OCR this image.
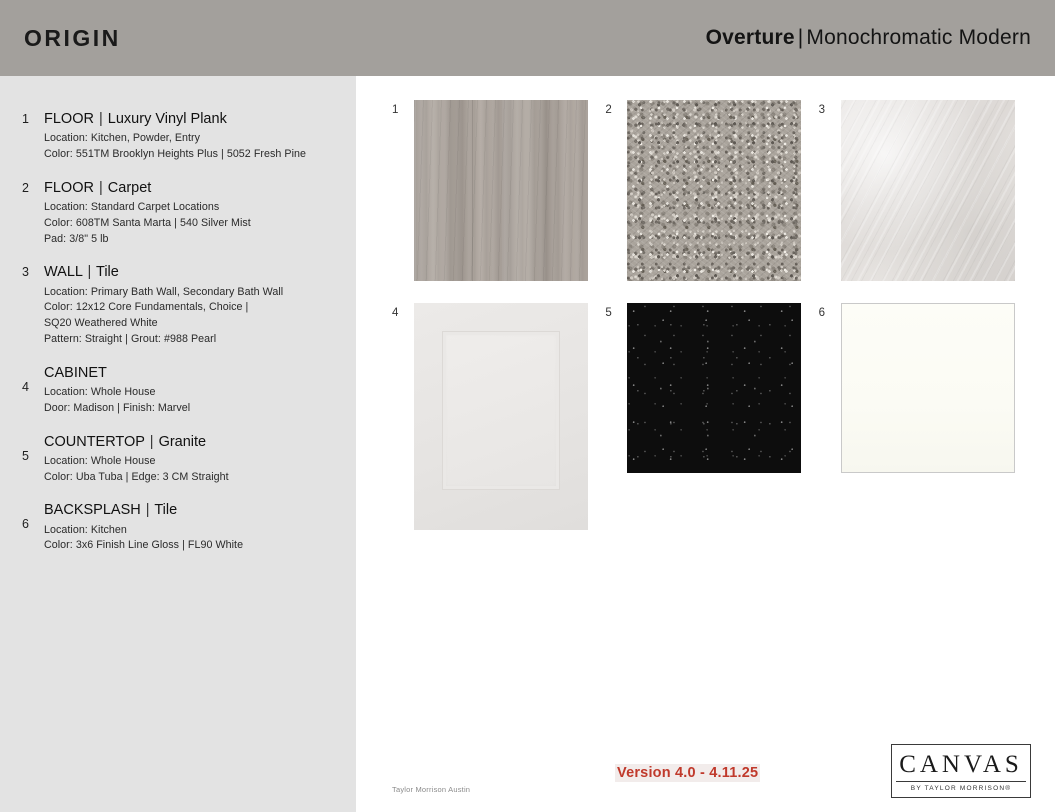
ORIGIN	Overture | Monochromatic Modern
1 FLOOR | Luxury Vinyl Plank
Location: Kitchen, Powder, Entry
Color: 551TM Brooklyn Heights Plus | 5052 Fresh Pine
2 FLOOR | Carpet
Location: Standard Carpet Locations
Color: 608TM Santa Marta | 540 Silver Mist
Pad: 3/8" 5 lb
3 WALL | Tile
Location: Primary Bath Wall, Secondary Bath Wall
Color: 12x12 Core Fundamentals, Choice |
SQ20 Weathered White
Pattern: Straight | Grout: #988 Pearl
4
CABINET
Location: Whole House
Door: Madison | Finish: Marvel
5
COUNTERTOP | Granite
Location: Whole House
Color: Uba Tuba | Edge: 3 CM Straight
6
BACKSPLASH | Tile
Location: Kitchen
Color: 3x6 Finish Line Gloss | FL90 White
1	2	3
4	5	6
Taylor Morrison Austin
Version 4.0 - 4.11.25	CANVAS
BY TAYLOR MORRISON®
